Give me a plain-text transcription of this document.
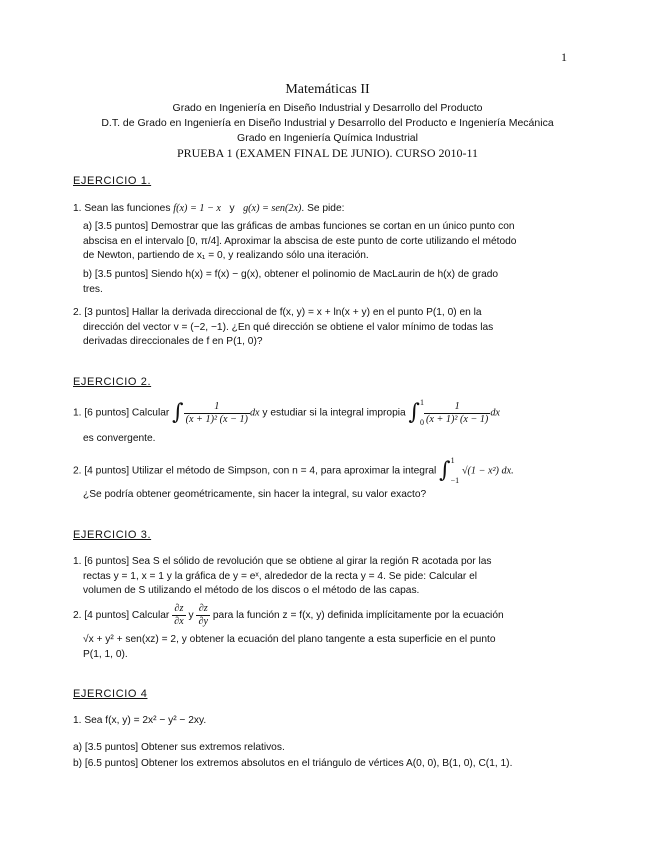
1
Matemáticas II
Grado en Ingeniería en Diseño Industrial y Desarrollo del Producto
D.T. de Grado en Ingeniería en Diseño Industrial y Desarrollo del Producto e Ingeniería Mecánica
Grado en Ingeniería Química Industrial
PRUEBA 1 (EXAMEN FINAL DE JUNIO). CURSO 2010-11
EJERCICIO 1.
1. Sean las funciones f(x) = 1 − x y g(x) = sen(2x). Se pide:
a) [3.5 puntos] Demostrar que las gráficas de ambas funciones se cortan en un único punto con
abscisa en el intervalo [0, π/4]. Aproximar la abscisa de este punto de corte utilizando el método
de Newton, partiendo de x₁ = 0, y realizando sólo una iteración.
b) [3.5 puntos] Siendo h(x) = f(x) − g(x), obtener el polinomio de MacLaurin de h(x) de grado
tres.
2. [3 puntos] Hallar la derivada direccional de f(x, y) = x + ln(x + y) en el punto P(1, 0) en la
dirección del vector v = (−2, −1). ¿En qué dirección se obtiene el valor mínimo de todas las
derivadas direccionales de f en P(1, 0)?
EJERCICIO 2.
1. [6 puntos] Calcular ∫ $\frac{1}{\text{(x + 1)² (x − 1)}}$ dx y estudiar si la integral impropia ∫ 1
$0 \frac{1}{\text{(x + 1)² (x − 1)}}$ dx
es convergente.
2. [4 puntos] Utilizar el método de Simpson, con n = 4, para aproximar la integral ∫ 1
−1
√(1 − x²) dx.
¿Se podría obtener geométricamente, sin hacer la integral, su valor exacto?
EJERCICIO 3.
1. [6 puntos] Sea S el sólido de revolución que se obtiene al girar la región R acotada por las
rectas y = 1, x = 1 y la gráfica de y = eˣ, alrededor de la recta y = 4. Se pide: Calcular el
volumen de S utilizando el método de los discos o el método de las capas.
2. [4 puntos] Calcular $\frac{\partial z}{\partial x}$ y $\frac{\partial z}{\partial y}$ para la función z = f(x, y) definida implícitamente por la ecuación
√x + y² + sen(xz) = 2, y obtener la ecuación del plano tangente a esta superficie en el punto
P(1, 1, 0).
EJERCICIO 4
1. Sea f(x, y) = 2x² − y² − 2xy.
a) [3.5 puntos] Obtener sus extremos relativos.
b) [6.5 puntos] Obtener los extremos absolutos en el triángulo de vértices A(0, 0), B(1, 0), C(1, 1).
